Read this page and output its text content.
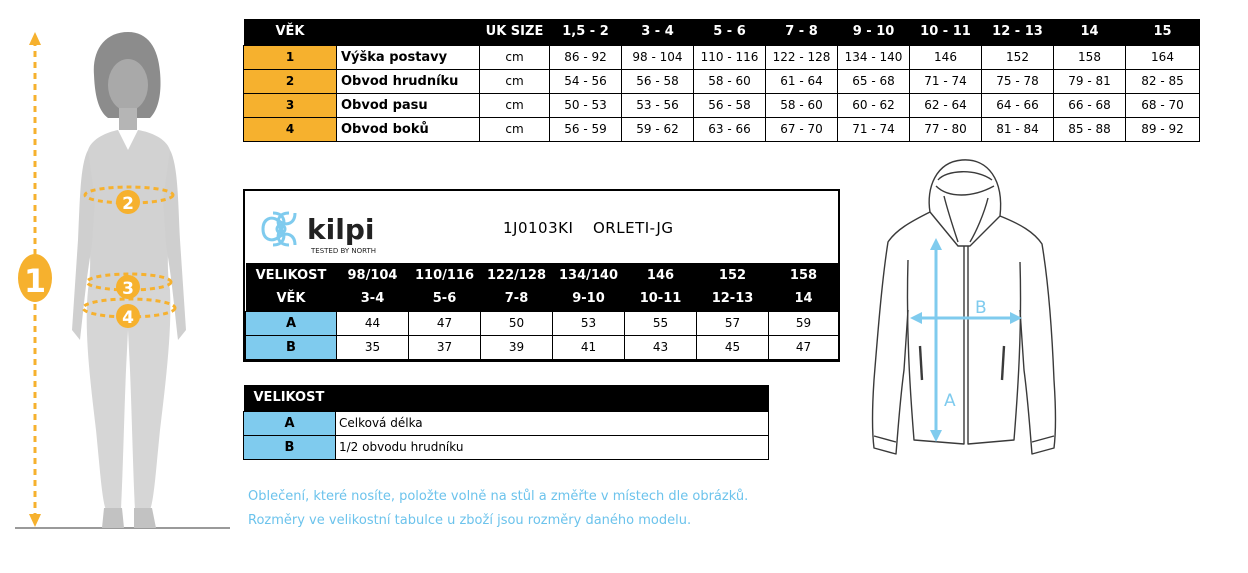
1
2
3
4
VĚK		UK SIZE	1,5 - 2	3 - 4	5 - 6	7 - 8	9 - 10	10 - 11	12 - 13	14	15
1	Výška postavy	cm	86 - 92	98 - 104	110 - 116	122 - 128	134 - 140	146	152	158	164
2	Obvod hrudníku	cm	54 - 56	56 - 58	58 - 60	61 - 64	65 - 68	71 - 74	75 - 78	79 - 81	82 - 85
3	Obvod pasu	cm	50 - 53	53 - 56	56 - 58	58 - 60	60 - 62	62 - 64	64 - 66	66 - 68	68 - 70
4	Obvod boků	cm	56 - 59	59 - 62	63 - 66	67 - 70	71 - 74	77 - 80	81 - 84	85 - 88	89 - 92
kilpi
TESTED BY NORTH
1J0103KI ORLETI-JG
VELIKOST	98/104	110/116	122/128	134/140	146	152	158
VĚK	3-4	5-6	7-8	9-10	10-11	12-13	14
A	44	47	50	53	55	57	59
B	35	37	39	41	43	45	47
VELIKOST	
A	Celková délka
B	1/2 obvodu hrudníku
A
B
Oblečení, které nosíte, položte volně na stůl a změřte v místech dle obrázků.
Rozměry ve velikostní tabulce u zboží jsou rozměry daného modelu.
